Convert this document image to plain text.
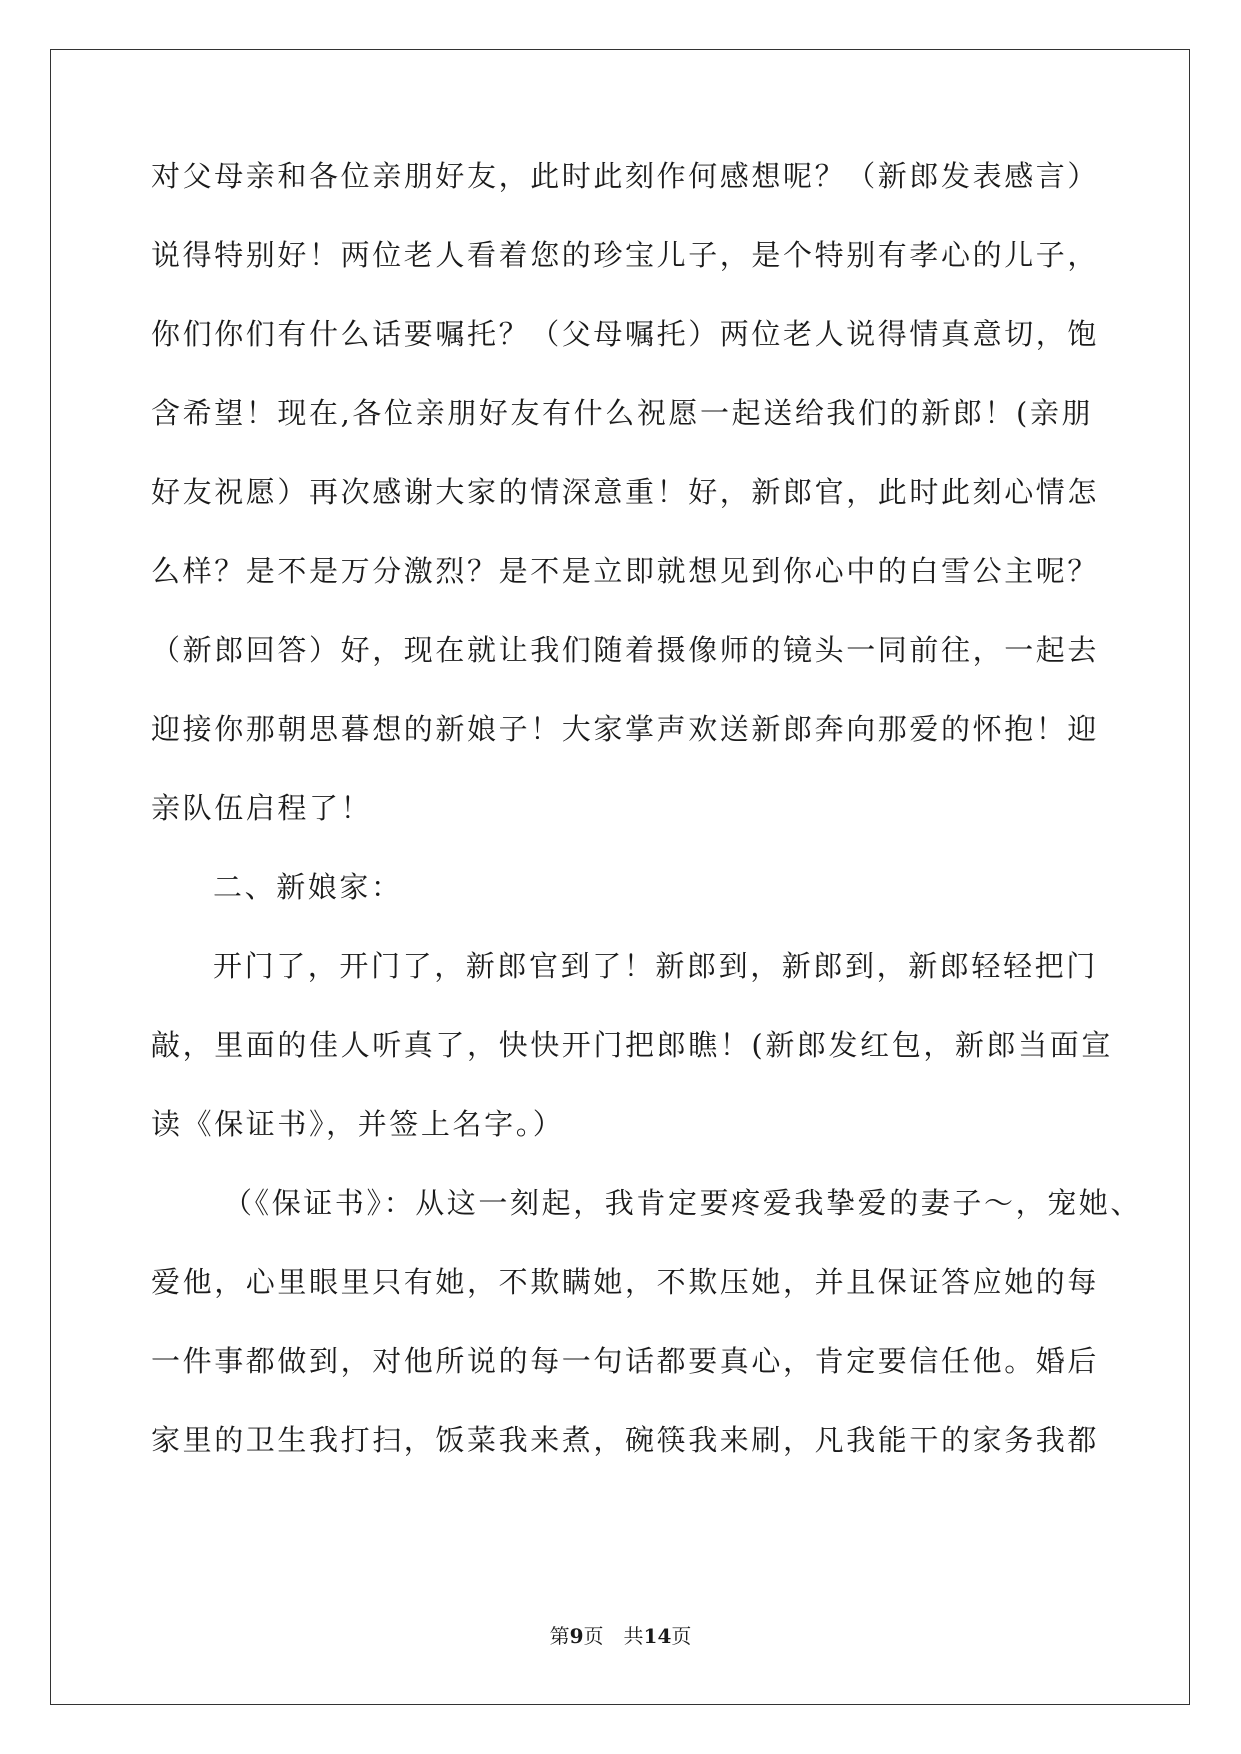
对父母亲和各位亲朋好友，此时此刻作何感想呢？（新郎发表感言）
说得特别好！两位老人看着您的珍宝儿子，是个特别有孝心的儿子，
你们你们有什么话要嘱托？（父母嘱托）两位老人说得情真意切，饱
含希望！现在,各位亲朋好友有什么祝愿一起送给我们的新郎！(亲朋
好友祝愿）再次感谢大家的情深意重！好，新郎官，此时此刻心情怎
么样？是不是万分激烈？是不是立即就想见到你心中的白雪公主呢？
（新郎回答）好，现在就让我们随着摄像师的镜头一同前往，一起去
迎接你那朝思暮想的新娘子！大家掌声欢送新郎奔向那爱的怀抱！迎
亲队伍启程了！
二、新娘家：
开门了，开门了，新郎官到了！新郎到，新郎到，新郎轻轻把门
敲，里面的佳人听真了，快快开门把郎瞧！(新郎发红包，新郎当面宣
读《保证书》，并签上名字。）
（《保证书》：从这一刻起，我肯定要疼爱我挚爱的妻子～，宠她、
爱他，心里眼里只有她，不欺瞒她，不欺压她，并且保证答应她的每
一件事都做到，对他所说的每一句话都要真心，肯定要信任他。婚后
家里的卫生我打扫，饭菜我来煮，碗筷我来刷，凡我能干的家务我都
第9页 共14页
